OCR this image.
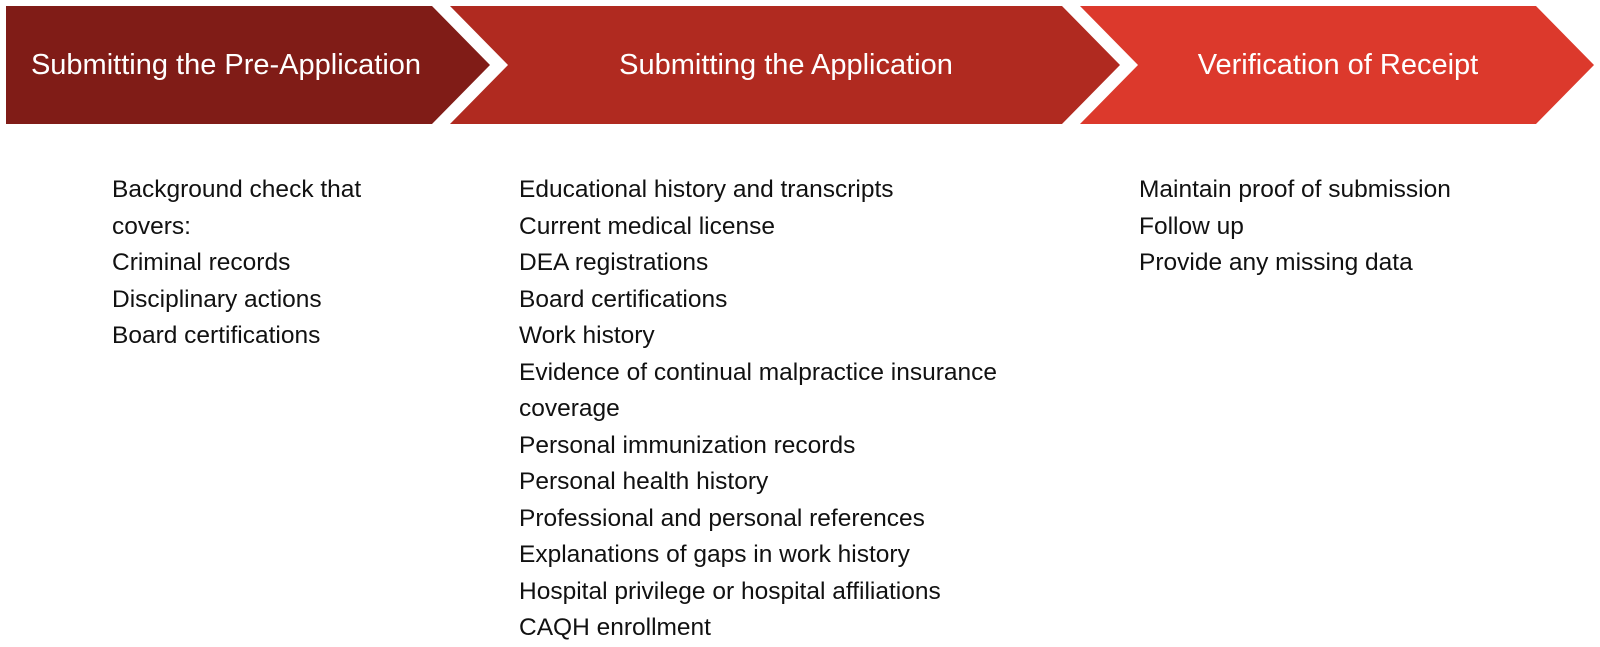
Submitting the Pre-Application	Submitting the Application	Verification of Receipt
Background check that
covers:
Criminal records
Disciplinary actions
Board certifications
Educational history and transcripts
Current medical license
DEA registrations
Board certifications
Work history
Evidence of continual malpractice insurance
coverage
Personal immunization records
Personal health history
Professional and personal references
Explanations of gaps in work history
Hospital privilege or hospital affiliations
CAQH enrollment
Maintain proof of submission
Follow up
Provide any missing data
